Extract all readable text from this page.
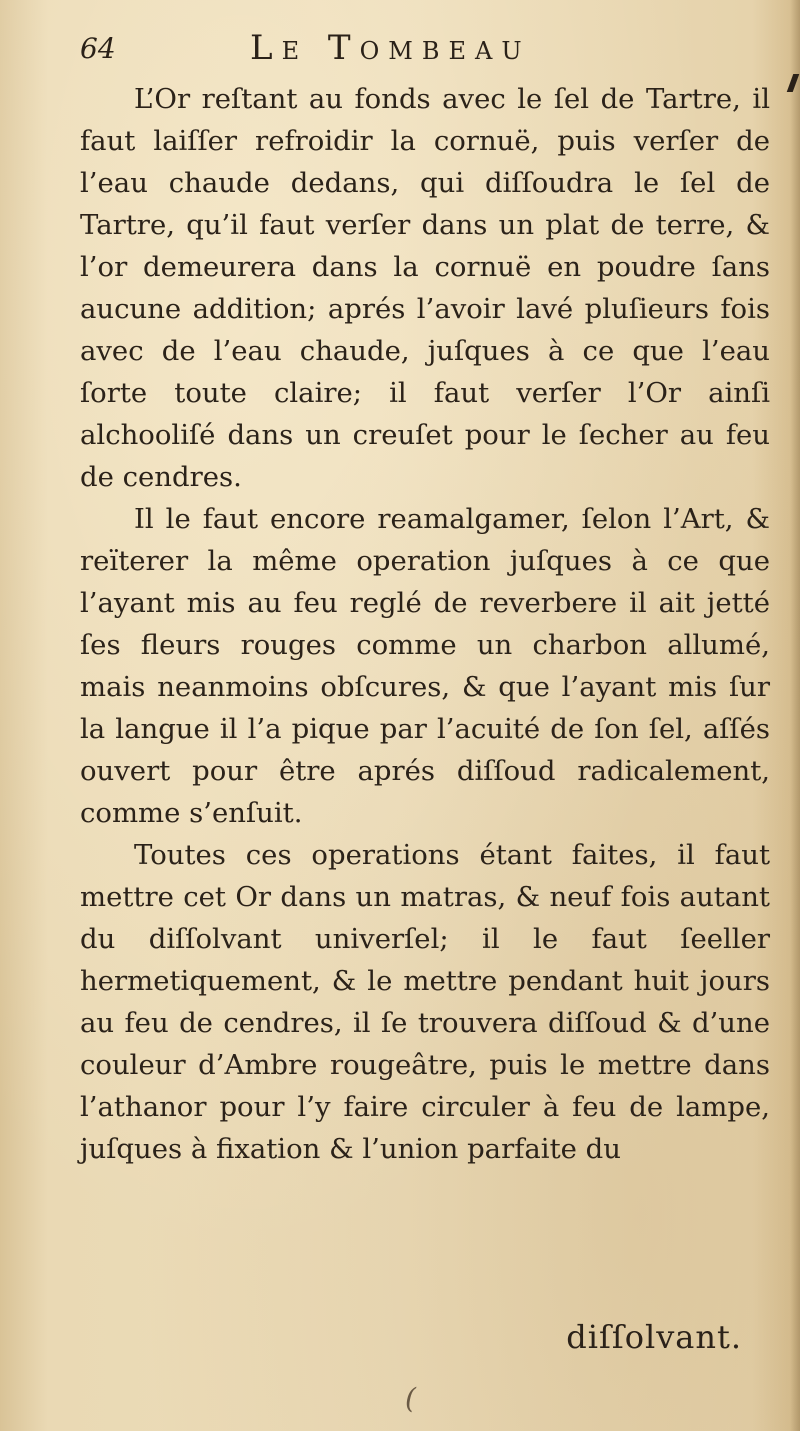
64	Le Tombeau

L’Or reſtant au fonds avec le ſel de Tartre, il faut laiſſer refroidir la cornuë, puis verſer de l’eau chaude dedans, qui diſſoudra le ſel de Tartre, qu’il faut verſer dans un plat de terre, & l’or demeurera dans la cornuë en poudre ſans aucune addition; aprés l’avoir lavé pluſieurs fois avec de l’eau chaude, juſques à ce que l’eau ſorte toute claire; il faut verſer l’Or ainſi alchooliſé dans un creuſet pour le ſecher au feu de cendres.

Il le faut encore reamalgamer, ſelon l’Art, & reïterer la même operation juſques à ce que l’ayant mis au feu reglé de reverbere il ait jetté ſes fleurs rouges comme un charbon allumé, mais neanmoins obſcures, & que l’ayant mis ſur la langue il l’a pique par l’acuité de ſon ſel, aſſés ouvert pour être aprés diſſoud radicalement, comme s’enſuit.

Toutes ces operations étant faites, il faut mettre cet Or dans un matras, & neuf fois autant du diſſolvant univerſel; il le faut ſeeller hermetiquement, & le mettre pendant huit jours au feu de cendres, il ſe trouvera diſſoud & d’une couleur d’Ambre rougeâtre, puis le mettre dans l’athanor pour l’y faire circuler à feu de lampe, juſques à fixation & l’union parfaite du

diſſolvant.
(
